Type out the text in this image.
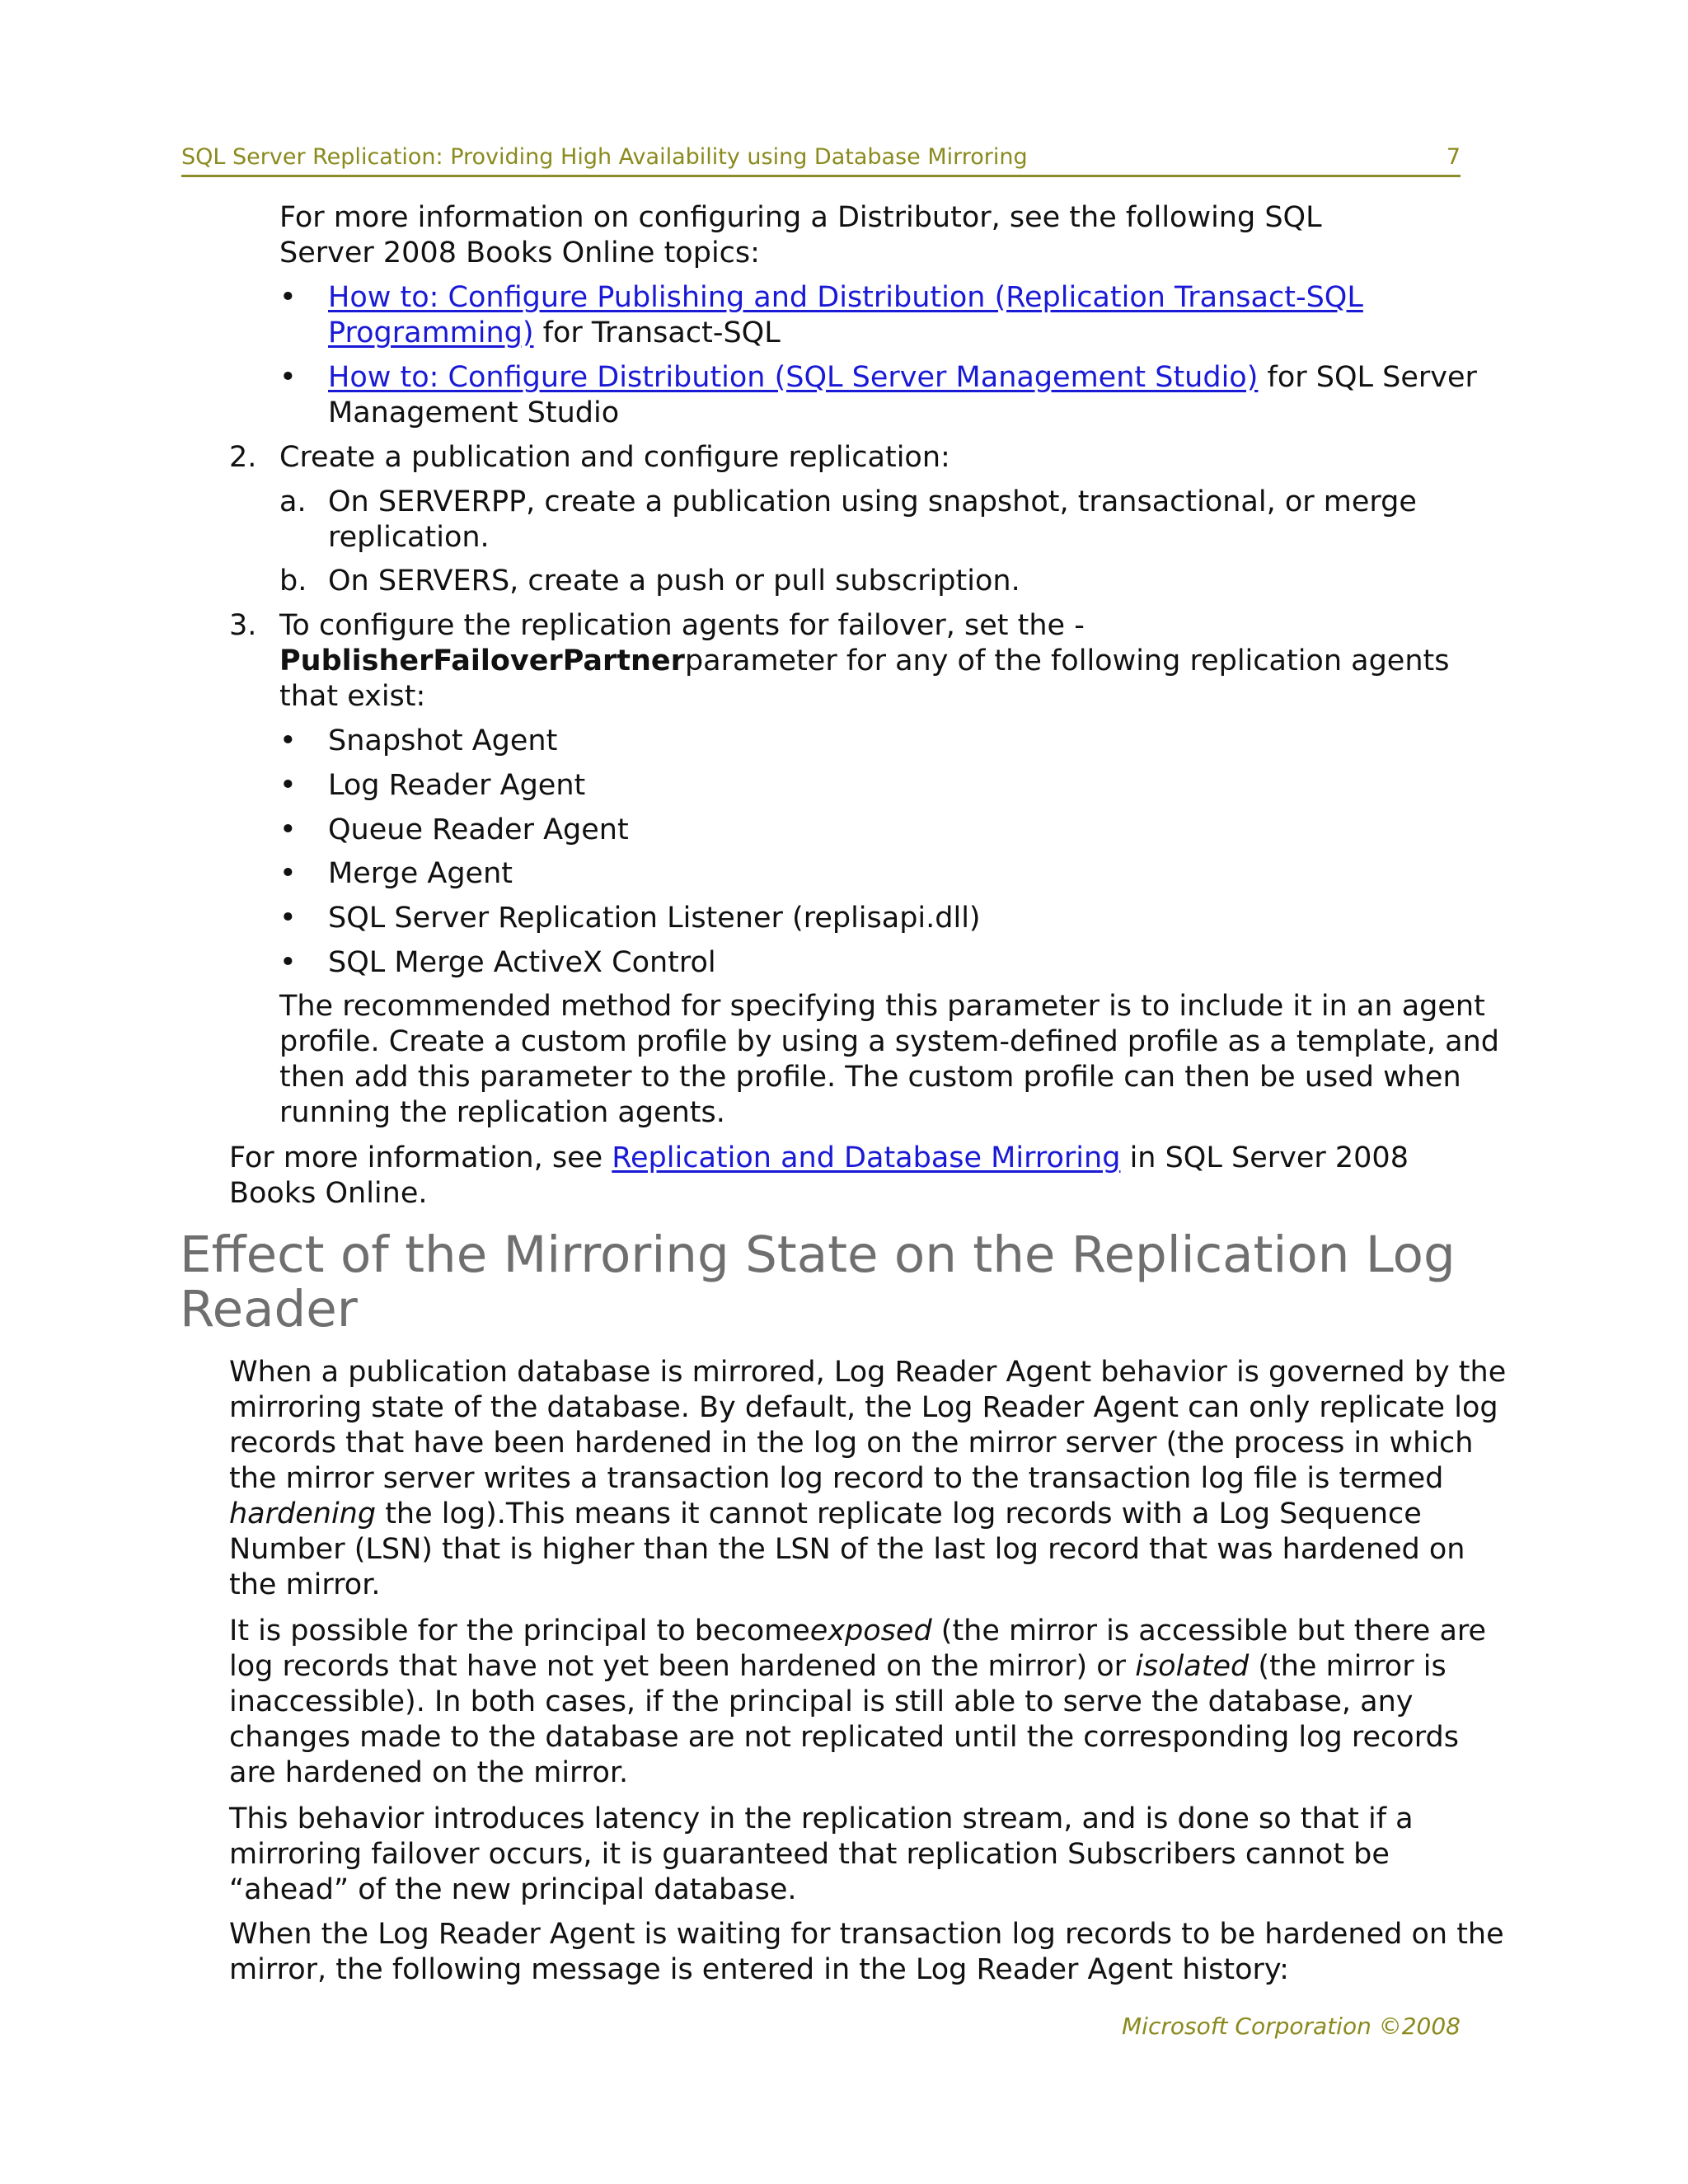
SQL Server Replication: Providing High Availability using Database Mirroring	7
For more information on configuring a Distributor, see the following SQL
Server 2008 Books Online topics:
• How to: Configure Publishing and Distribution (Replication Transact-SQL
Programming) for Transact-SQL
• How to: Configure Distribution (SQL Server Management Studio) for SQL Server
Management Studio
2. Create a publication and configure replication:
a. On SERVERPP, create a publication using snapshot, transactional, or merge
replication.
b. On SERVERS, create a push or pull subscription.
3. To configure the replication agents for failover, set the -
PublisherFailoverPartnerparameter for any of the following replication agents
that exist:
• Snapshot Agent
• Log Reader Agent
• Queue Reader Agent
• Merge Agent
• SQL Server Replication Listener (replisapi.dll)
• SQL Merge ActiveX Control
The recommended method for specifying this parameter is to include it in an agent
profile. Create a custom profile by using a system-defined profile as a template, and
then add this parameter to the profile. The custom profile can then be used when
running the replication agents.
For more information, see Replication and Database Mirroring in SQL Server 2008
Books Online.
Effect of the Mirroring State on the Replication Log
Reader
When a publication database is mirrored, Log Reader Agent behavior is governed by the
mirroring state of the database. By default, the Log Reader Agent can only replicate log
records that have been hardened in the log on the mirror server (the process in which
the mirror server writes a transaction log record to the transaction log file is termed
hardening the log).This means it cannot replicate log records with a Log Sequence
Number (LSN) that is higher than the LSN of the last log record that was hardened on
the mirror.
It is possible for the principal to becomeexposed (the mirror is accessible but there are
log records that have not yet been hardened on the mirror) or isolated (the mirror is
inaccessible). In both cases, if the principal is still able to serve the database, any
changes made to the database are not replicated until the corresponding log records
are hardened on the mirror.
This behavior introduces latency in the replication stream, and is done so that if a
mirroring failover occurs, it is guaranteed that replication Subscribers cannot be
“ahead” of the new principal database.
When the Log Reader Agent is waiting for transaction log records to be hardened on the
mirror, the following message is entered in the Log Reader Agent history:
Microsoft Corporation ©2008
